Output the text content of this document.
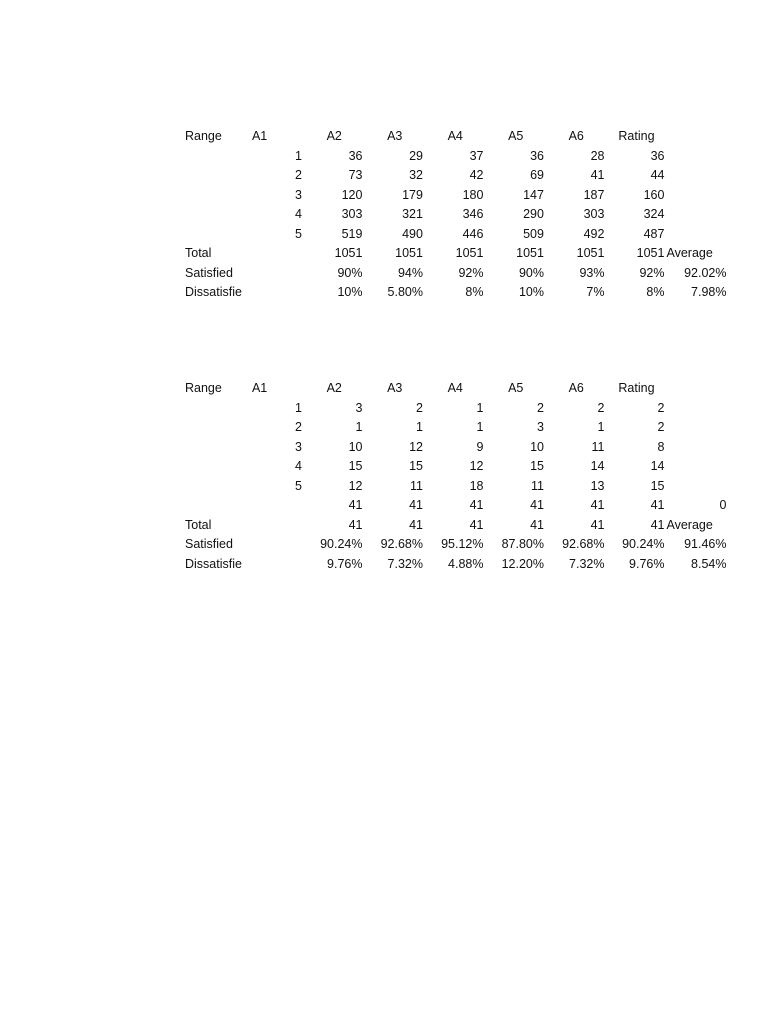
Range	A1	A2	A3	A4	A5	A6	Rating
	1	36	29	37	36	28	36
	2	73	32	42	69	41	44
	3	120	179	180	147	187	160
	4	303	321	346	290	303	324
	5	519	490	446	509	492	487
Total		1051	1051	1051	1051	1051	1051 Average

Satisfied		90%	94%	92%	90%	93%	92% 92.02%

Dissatisfie		10%	5.80%	8%	10%	7%	8% 7.98%
Range	A1	A2	A3	A4	A5	A6	Rating
	1	3	2	1	2	2	2
	2	1	1	1	3	1	2
	3	10	12	9	10	11	8
	4	15	15	12	15	14	14
	5	12	11	18	11	13	15
		41	41	41	41	41	41 0

Total		41	41	41	41	41	41 Average

Satisfied		90.24%	92.68%	95.12%	87.80%	92.68%	90.24% 91.46%

Dissatisfie		9.76%	7.32%	4.88%	12.20%	7.32%	9.76% 8.54%
